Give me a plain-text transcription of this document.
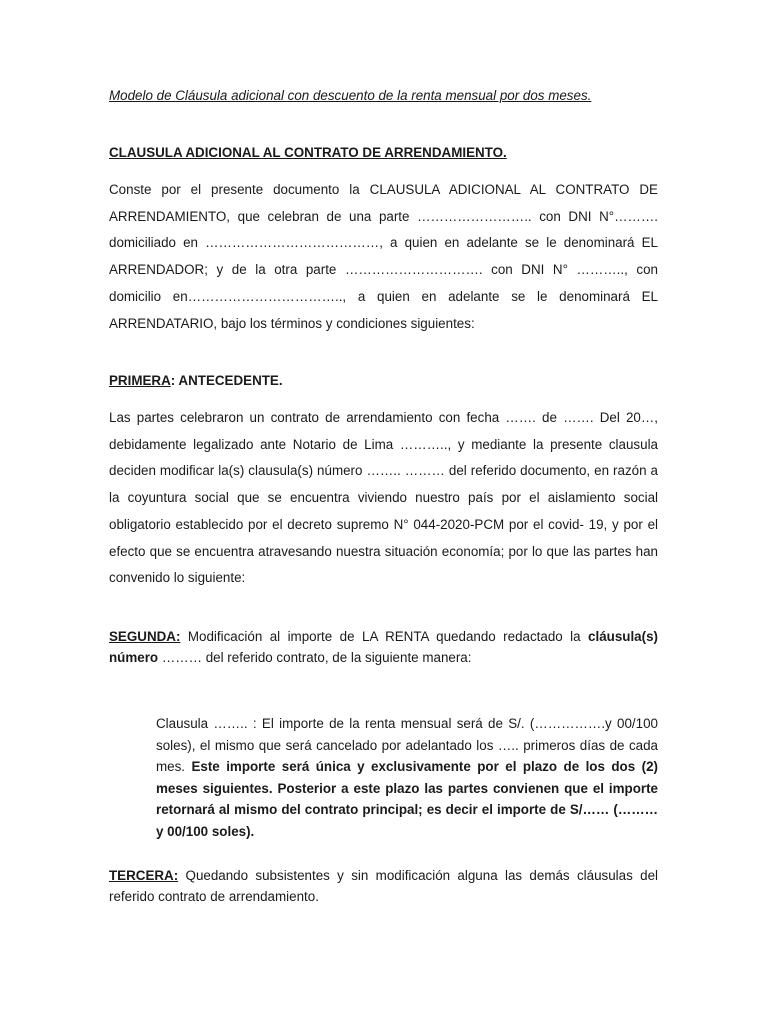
Modelo de Cláusula adicional con descuento de la renta mensual por dos meses.

CLAUSULA ADICIONAL AL CONTRATO DE ARRENDAMIENTO.

Conste por el presente documento la CLAUSULA ADICIONAL AL CONTRATO DE ARRENDAMIENTO, que celebran de una parte …………………….. con DNI N°………. domiciliado en …………………………………, a quien en adelante se le denominará EL ARRENDADOR; y de la otra parte …………………………. con DNI N° ……….., con domicilio en…………………………….., a quien en adelante se le denominará EL ARRENDATARIO, bajo los términos y condiciones siguientes:

PRIMERA: ANTECEDENTE.

Las partes celebraron un contrato de arrendamiento con fecha ……. de ……. Del 20…, debidamente legalizado ante Notario de Lima ……….., y mediante la presente clausula deciden modificar la(s) clausula(s) número …….. ……… del referido documento, en razón a la coyuntura social que se encuentra viviendo nuestro país por el aislamiento social obligatorio establecido por el decreto supremo N° 044-2020-PCM por el covid- 19, y por el efecto que se encuentra atravesando nuestra situación economía; por lo que las partes han convenido lo siguiente:

SEGUNDA: Modificación al importe de LA RENTA quedando redactado la cláusula(s) número ……… del referido contrato, de la siguiente manera:

Clausula …….. : El importe de la renta mensual será de S/. (…………….y 00/100 soles), el mismo que será cancelado por adelantado los ….. primeros días de cada mes. Este importe será única y exclusivamente por el plazo de los dos (2) meses siguientes. Posterior a este plazo las partes convienen que el importe retornará al mismo del contrato principal; es decir el importe de S/…… (……… y 00/100 soles).

TERCERA: Quedando subsistentes y sin modificación alguna las demás cláusulas del referido contrato de arrendamiento.
